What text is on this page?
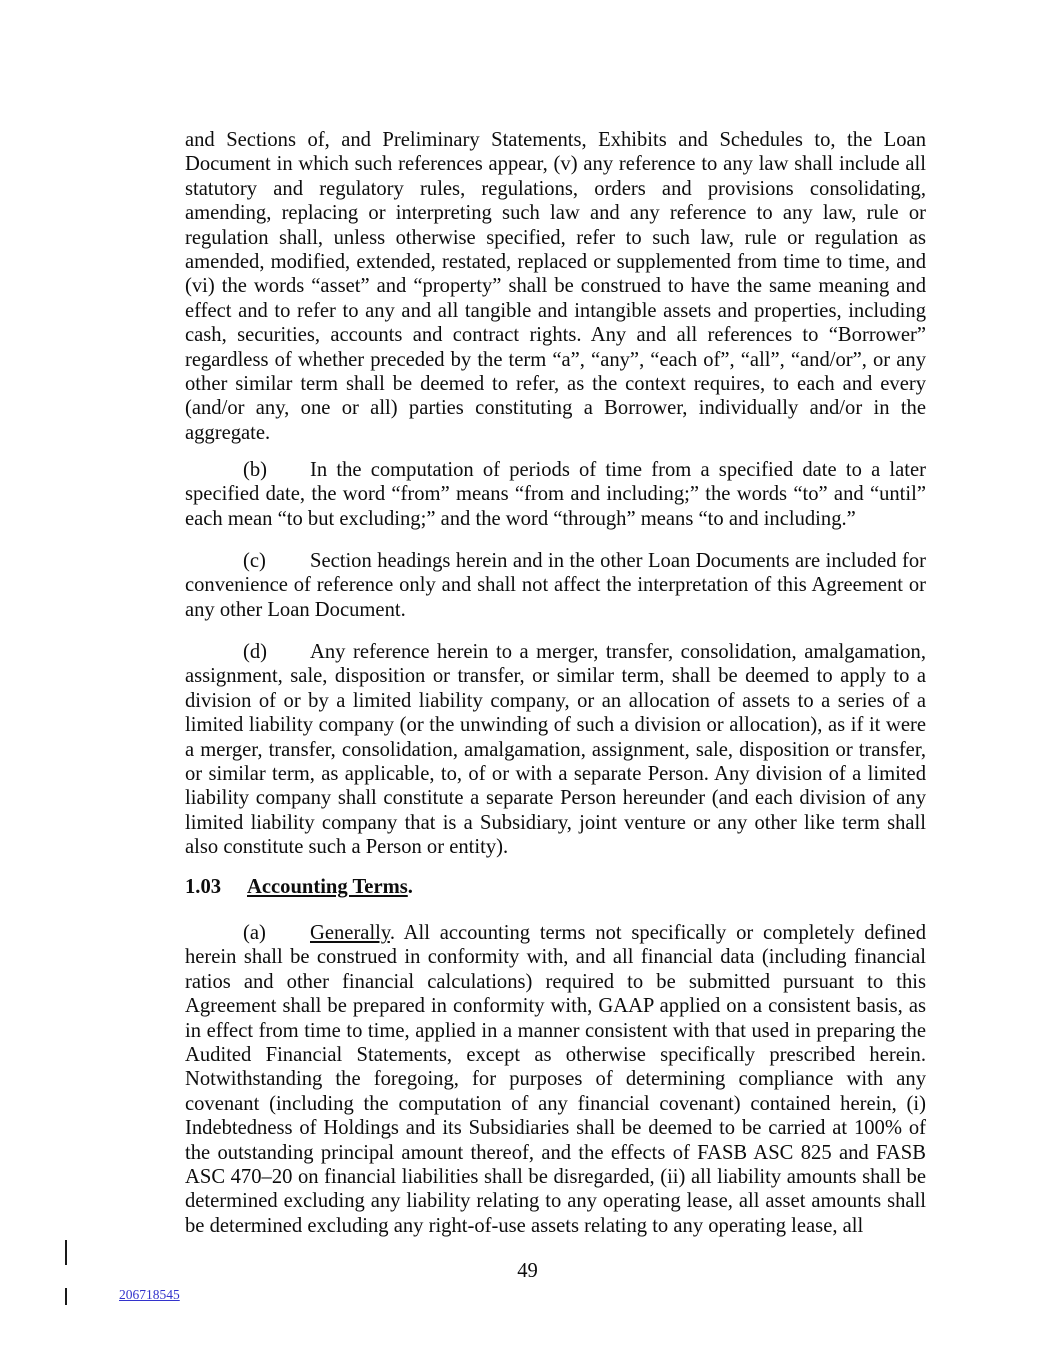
and Sections of, and Preliminary Statements, Exhibits and Schedules to, the Loan Document in which such references appear, (v) any reference to any law shall include all statutory and regulatory rules, regulations, orders and provisions consolidating, amending, replacing or interpreting such law and any reference to any law, rule or regulation shall, unless otherwise specified, refer to such law, rule or regulation as amended, modified, extended, restated, replaced or supplemented from time to time, and (vi) the words “asset” and “property” shall be construed to have the same meaning and effect and to refer to any and all tangible and intangible assets and properties, including cash, securities, accounts and contract rights. Any and all references to “Borrower” regardless of whether preceded by the term “a”, “any”, “each of”, “all”, “and/or”, or any other similar term shall be deemed to refer, as the context requires, to each and every (and/or any, one or all) parties constituting a Borrower, individually and/or in the aggregate.

(b) In the computation of periods of time from a specified date to a later specified date, the word “from” means “from and including;” the words “to” and “until” each mean “to but excluding;” and the word “through” means “to and including.”

(c) Section headings herein and in the other Loan Documents are included for convenience of reference only and shall not affect the interpretation of this Agreement or any other Loan Document.

(d) Any reference herein to a merger, transfer, consolidation, amalgamation, assignment, sale, disposition or transfer, or similar term, shall be deemed to apply to a division of or by a limited liability company, or an allocation of assets to a series of a limited liability company (or the unwinding of such a division or allocation), as if it were a merger, transfer, consolidation, amalgamation, assignment, sale, disposition or transfer, or similar term, as applicable, to, of or with a separate Person. Any division of a limited liability company shall constitute a separate Person hereunder (and each division of any limited liability company that is a Subsidiary, joint venture or any other like term shall also constitute such a Person or entity).

1.03 Accounting Terms.

(a) Generally. All accounting terms not specifically or completely defined herein shall be construed in conformity with, and all financial data (including financial ratios and other financial calculations) required to be submitted pursuant to this Agreement shall be prepared in conformity with, GAAP applied on a consistent basis, as in effect from time to time, applied in a manner consistent with that used in preparing the Audited Financial Statements, except as otherwise specifically prescribed herein. Notwithstanding the foregoing, for purposes of determining compliance with any covenant (including the computation of any financial covenant) contained herein, (i) Indebtedness of Holdings and its Subsidiaries shall be deemed to be carried at 100% of the outstanding principal amount thereof, and the effects of FASB ASC 825 and FASB ASC 470–20 on financial liabilities shall be disregarded, (ii) all liability amounts shall be determined excluding any liability relating to any operating lease, all asset amounts shall be determined excluding any right-of-use assets relating to any operating lease, all

49
206718545
